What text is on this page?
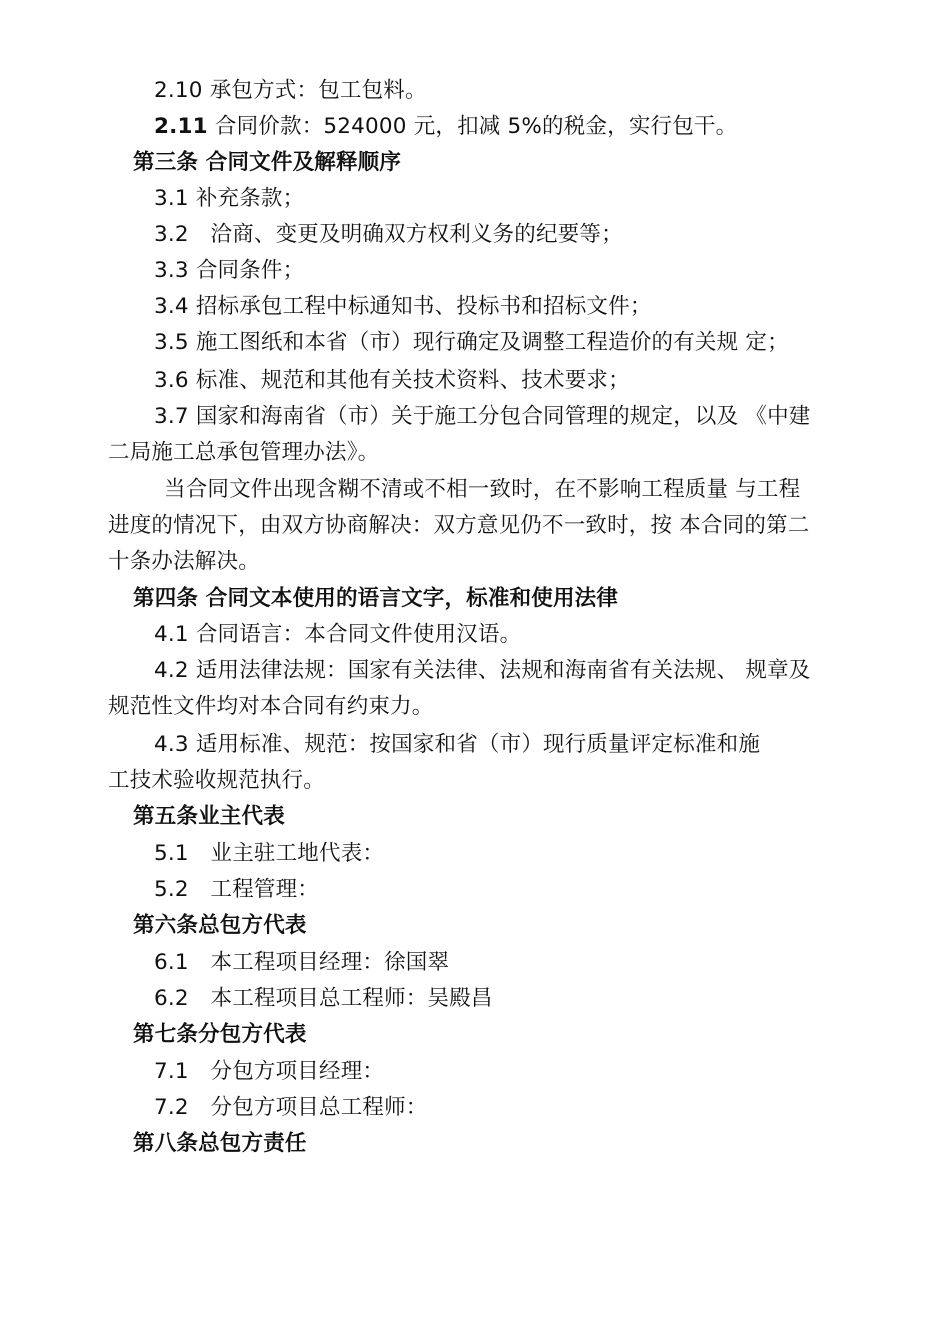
2.10 承包方式：包工包料。
2.11 合同价款：524000 元，扣减 5%的税金，实行包干。
第三条 合同文件及解释顺序
3.1 补充条款；
3.2　洽商、变更及明确双方权利义务的纪要等；
3.3 合同条件；
3.4 招标承包工程中标通知书、投标书和招标文件；
3.5 施工图纸和本省（市）现行确定及调整工程造价的有关规 定；
3.6 标准、规范和其他有关技术资料、技术要求；
3.7 国家和海南省（市）关于施工分包合同管理的规定，以及 《中建
二局施工总承包管理办法》。
当合同文件出现含糊不清或不相一致时，在不影响工程质量 与工程
进度的情况下，由双方协商解决：双方意见仍不一致时，按 本合同的第二
十条办法解决。
第四条 合同文本使用的语言文字，标准和使用法律
4.1 合同语言：本合同文件使用汉语。
4.2 适用法律法规：国家有关法律、法规和海南省有关法规、 规章及
规范性文件均对本合同有约束力。
4.3 适用标准、规范：按国家和省（市）现行质量评定标准和施
工技术验收规范执行。
第五条业主代表
5.1　业主驻工地代表：
5.2　工程管理：
第六条总包方代表
6.1　本工程项目经理：徐国翠
6.2　本工程项目总工程师：吴殿昌
第七条分包方代表
7.1　分包方项目经理：
7.2　分包方项目总工程师：
第八条总包方责任
